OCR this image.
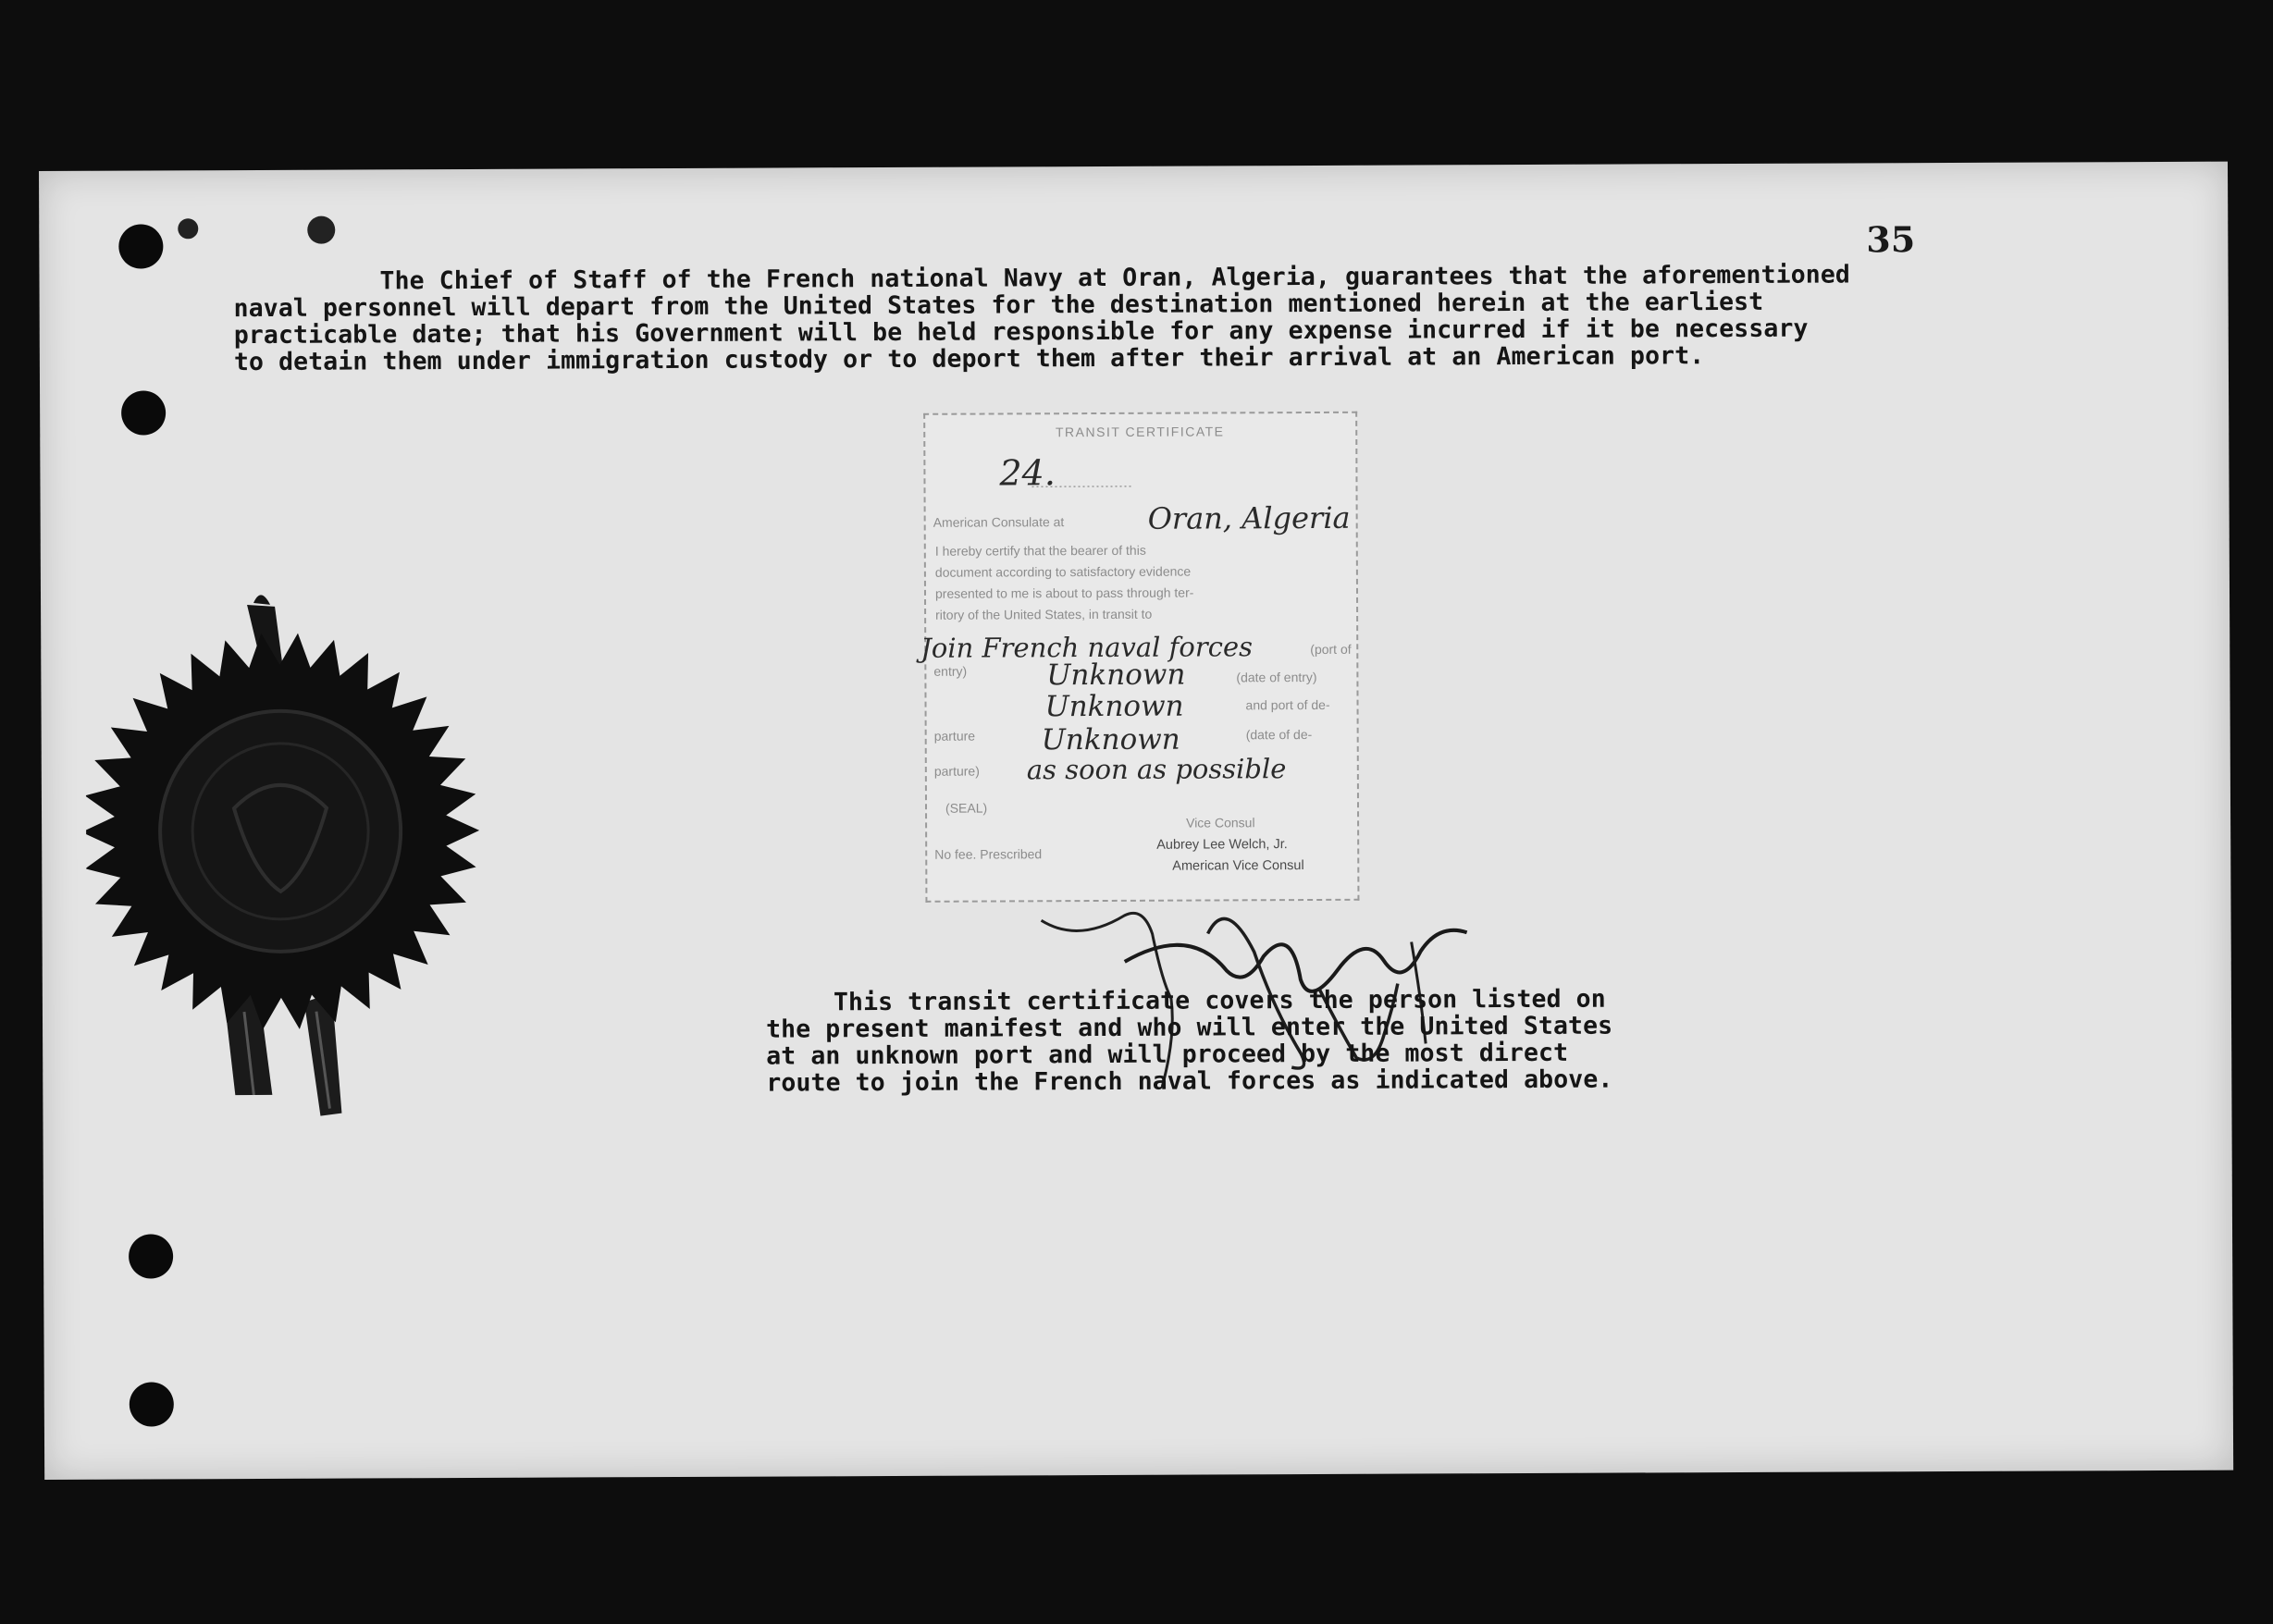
35
The Chief of Staff of the French national Navy at Oran, Algeria, guarantees that the aforementioned
naval personnel will depart from the United States for the destination mentioned herein at the earliest
practicable date; that his Government will be held responsible for any expense incurred if it be necessary
to detain them under immigration custody or to deport them after their arrival at an American port.
TRANSIT CERTIFICATE
24.
American Consulate at	Oran, Algeria
I hereby certify that the bearer of this
document according to satisfactory evidence
presented to me is about to pass through ter-
ritory of the United States, in transit to
Join French naval forces	(port of
entry)	Unknown	(date of entry)
Unknown	and port of de-
parture Unknown	(date of de-
parture) as soon as possible
(SEAL)
Vice Consul
Aubrey Lee Welch, Jr.
American Vice Consul
No fee. Prescribed
This transit certificate covers the person listed on
the present manifest and who will enter the United States
at an unknown port and will proceed by the most direct
route to join the French naval forces as indicated above.
